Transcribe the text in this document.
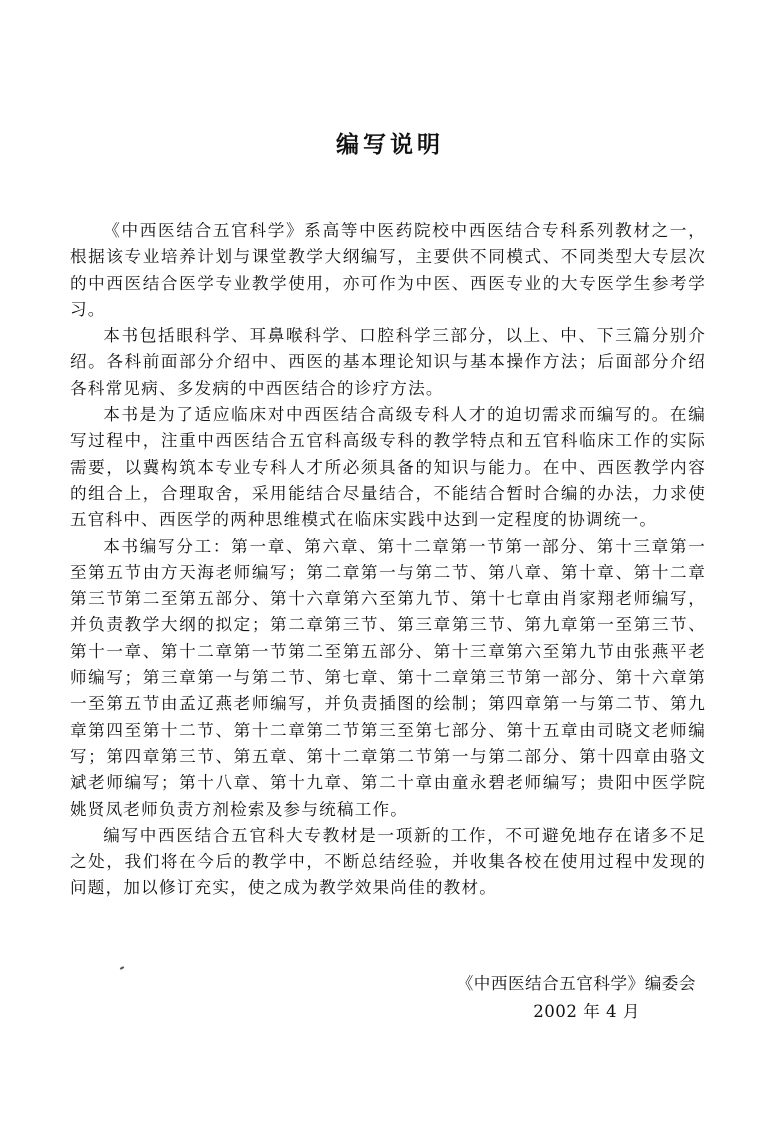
编写说明

《中西医结合五官科学》系高等中医药院校中西医结合专科系列教材之一，根据该专业培养计划与课堂教学大纲编写，主要供不同模式、不同类型大专层次的中西医结合医学专业教学使用，亦可作为中医、西医专业的大专医学生参考学习。

本书包括眼科学、耳鼻喉科学、口腔科学三部分，以上、中、下三篇分别介绍。各科前面部分介绍中、西医的基本理论知识与基本操作方法；后面部分介绍各科常见病、多发病的中西医结合的诊疗方法。

本书是为了适应临床对中西医结合高级专科人才的迫切需求而编写的。在编写过程中，注重中西医结合五官科高级专科的教学特点和五官科临床工作的实际需要，以冀构筑本专业专科人才所必须具备的知识与能力。在中、西医教学内容的组合上，合理取舍，采用能结合尽量结合，不能结合暂时合编的办法，力求使五官科中、西医学的两种思维模式在临床实践中达到一定程度的协调统一。

本书编写分工：第一章、第六章、第十二章第一节第一部分、第十三章第一至第五节由方天海老师编写；第二章第一与第二节、第八章、第十章、第十二章第三节第二至第五部分、第十六章第六至第九节、第十七章由肖家翔老师编写，并负责教学大纲的拟定；第二章第三节、第三章第三节、第九章第一至第三节、第十一章、第十二章第一节第二至第五部分、第十三章第六至第九节由张燕平老师编写；第三章第一与第二节、第七章、第十二章第三节第一部分、第十六章第一至第五节由孟辽燕老师编写，并负责插图的绘制；第四章第一与第二节、第九章第四至第十二节、第十二章第二节第三至第七部分、第十五章由司晓文老师编写；第四章第三节、第五章、第十二章第二节第一与第二部分、第十四章由骆文斌老师编写；第十八章、第十九章、第二十章由童永碧老师编写；贵阳中医学院姚贤凤老师负责方剂检索及参与统稿工作。

编写中西医结合五官科大专教材是一项新的工作，不可避免地存在诸多不足之处，我们将在今后的教学中，不断总结经验，并收集各校在使用过程中发现的问题，加以修订充实，使之成为教学效果尚佳的教材。

《中西医结合五官科学》编委会
2002 年 4 月
